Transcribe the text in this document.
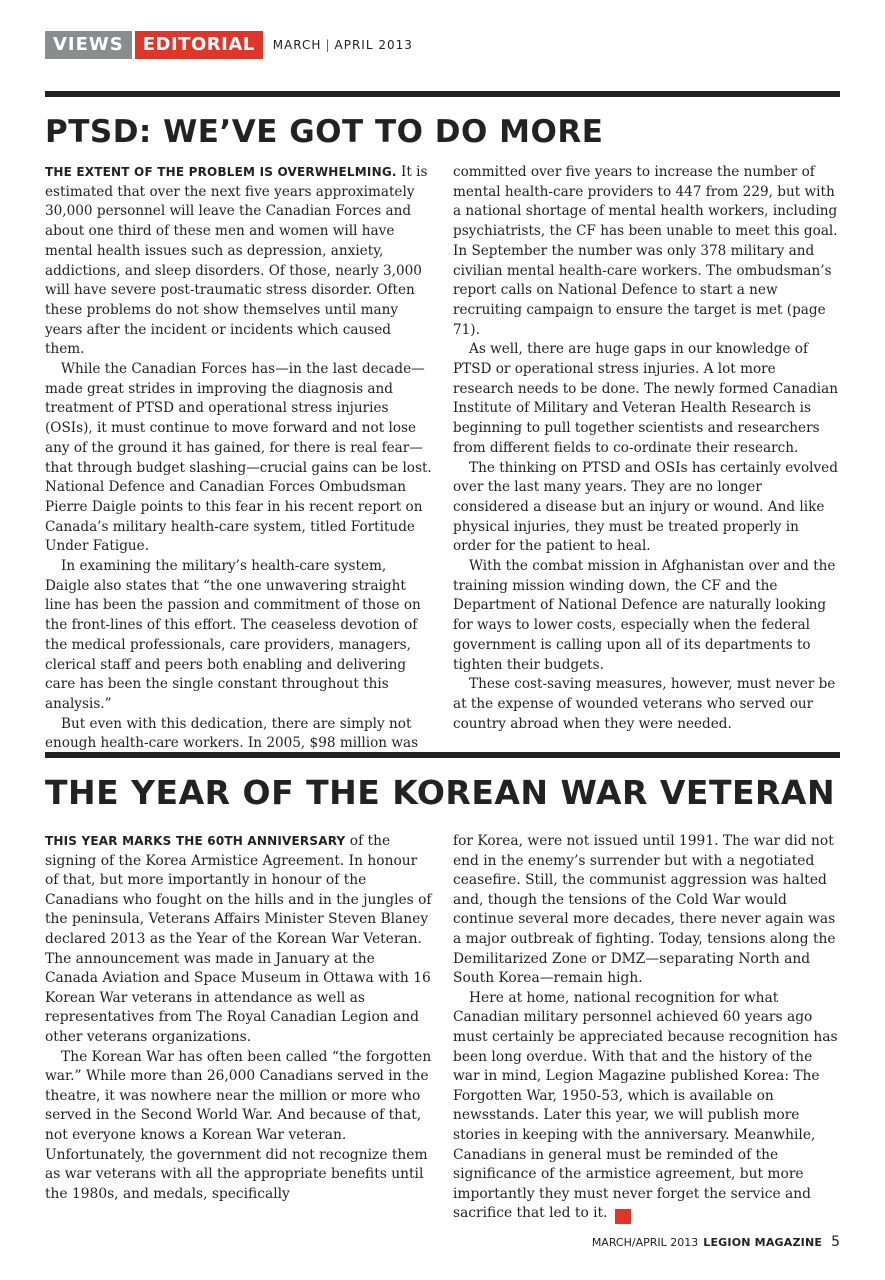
VIEWS	EDITORIAL	MARCH | APRIL 2013
PTSD: WE’VE GOT TO DO MORE

THE EXTENT OF THE PROBLEM IS OVERWHELMING. It is estimated that over the next five years approximately 30,000 personnel will leave the Canadian Forces and about one third of these men and women will have mental health issues such as depression, anxiety, addictions, and sleep disorders. Of those, nearly 3,000 will have severe post-traumatic stress disorder. Often these problems do not show themselves until many years after the incident or incidents which caused them.

While the Canadian Forces has—in the last decade—made great strides in improving the diagnosis and treatment of PTSD and operational stress injuries (OSIs), it must continue to move forward and not lose any of the ground it has gained, for there is real fear—that through budget slashing—crucial gains can be lost. National Defence and Canadian Forces Ombudsman Pierre Daigle points to this fear in his recent report on Canada’s military health-care system, titled Fortitude Under Fatigue.

In examining the military’s health-care system, Daigle also states that “the one unwavering straight line has been the passion and commitment of those on the front-lines of this effort. The ceaseless devotion of the medical professionals, care providers, managers, clerical staff and peers both enabling and delivering care has been the single constant throughout this analysis.”

But even with this dedication, there are simply not enough health-care workers. In 2005, $98 million was

committed over five years to increase the number of mental health-care providers to 447 from 229, but with a national shortage of mental health workers, including psychiatrists, the CF has been unable to meet this goal. In September the number was only 378 military and civilian mental health-care workers. The ombudsman’s report calls on National Defence to start a new recruiting campaign to ensure the target is met (page 71).

As well, there are huge gaps in our knowledge of PTSD or operational stress injuries. A lot more research needs to be done. The newly formed Canadian Institute of Military and Veteran Health Research is beginning to pull together scientists and researchers from different fields to co-ordinate their research.

The thinking on PTSD and OSIs has certainly evolved over the last many years. They are no longer considered a disease but an injury or wound. And like physical injuries, they must be treated properly in order for the patient to heal.

With the combat mission in Afghanistan over and the training mission winding down, the CF and the Department of National Defence are naturally looking for ways to lower costs, especially when the federal government is calling upon all of its departments to tighten their budgets.

These cost-saving measures, however, must never be at the expense of wounded veterans who served our country abroad when they were needed.

THE YEAR OF THE KOREAN WAR VETERAN

THIS YEAR MARKS THE 60TH ANNIVERSARY of the signing of the Korea Armistice Agreement. In honour of that, but more importantly in honour of the Canadians who fought on the hills and in the jungles of the peninsula, Veterans Affairs Minister Steven Blaney declared 2013 as the Year of the Korean War Veteran. The announcement was made in January at the Canada Aviation and Space Museum in Ottawa with 16 Korean War veterans in attendance as well as representatives from The Royal Canadian Legion and other veterans organizations.

The Korean War has often been called “the forgotten war.” While more than 26,000 Canadians served in the theatre, it was nowhere near the million or more who served in the Second World War. And because of that, not everyone knows a Korean War veteran. Unfortunately, the government did not recognize them as war veterans with all the appropriate benefits until the 1980s, and medals, specifically

for Korea, were not issued until 1991. The war did not end in the enemy’s surrender but with a negotiated ceasefire. Still, the communist aggression was halted and, though the tensions of the Cold War would continue several more decades, there never again was a major outbreak of fighting. Today, tensions along the Demilitarized Zone or DMZ—separating North and South Korea—remain high.

Here at home, national recognition for what Canadian military personnel achieved 60 years ago must certainly be appreciated because recognition has been long overdue. With that and the history of the war in mind, Legion Magazine published Korea: The Forgotten War, 1950-53, which is available on newsstands. Later this year, we will publish more stories in keeping with the anniversary. Meanwhile, Canadians in general must be reminded of the significance of the armistice agreement, but more importantly they must never forget the service and sacrifice that led to it.	LM

MARCH/APRIL 2013 LEGION MAGAZINE 5
